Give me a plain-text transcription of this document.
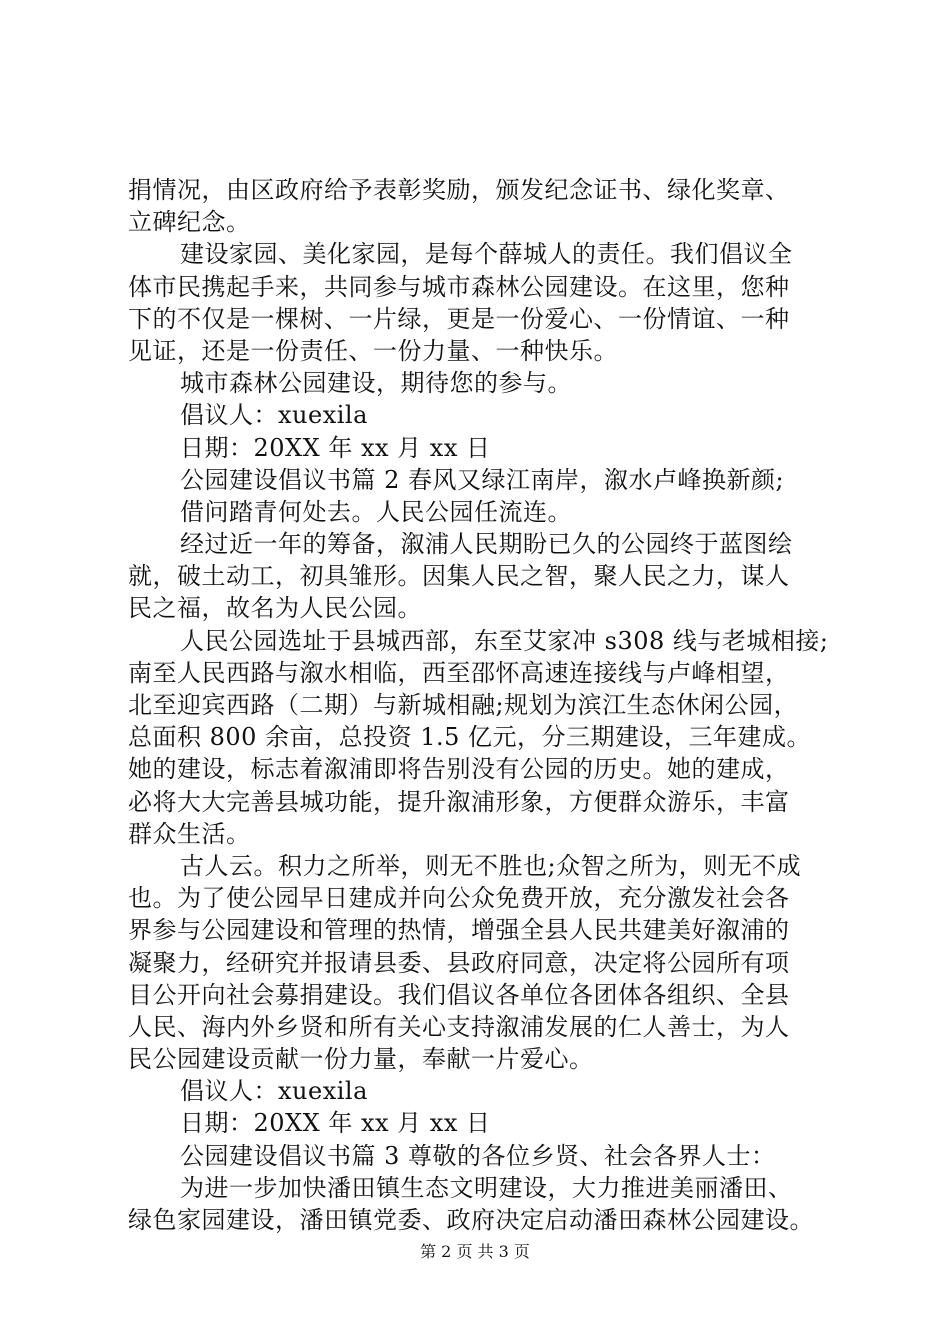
捐情况，由区政府给予表彰奖励，颁发纪念证书、绿化奖章、
立碑纪念。
建设家园、美化家园，是每个薛城人的责任。我们倡议全
体市民携起手来，共同参与城市森林公园建设。在这里，您种
下的不仅是一棵树、一片绿，更是一份爱心、一份情谊、一种
见证，还是一份责任、一份力量、一种快乐。
城市森林公园建设，期待您的参与。
倡议人：xuexila
日期：20XX 年 xx 月 xx 日
公园建设倡议书篇 2 春风又绿江南岸，溆水卢峰换新颜;
借问踏青何处去。人民公园任流连。
经过近一年的筹备，溆浦人民期盼已久的公园终于蓝图绘
就，破土动工，初具雏形。因集人民之智，聚人民之力，谋人
民之福，故名为人民公园。
人民公园选址于县城西部，东至艾家冲 s308 线与老城相接;
南至人民西路与溆水相临，西至邵怀高速连接线与卢峰相望，
北至迎宾西路（二期）与新城相融;规划为滨江生态休闲公园，
总面积 800 余亩，总投资 1.5 亿元，分三期建设，三年建成。
她的建设，标志着溆浦即将告别没有公园的历史。她的建成，
必将大大完善县城功能，提升溆浦形象，方便群众游乐，丰富
群众生活。
古人云。积力之所举，则无不胜也;众智之所为，则无不成
也。为了使公园早日建成并向公众免费开放，充分激发社会各
界参与公园建设和管理的热情，增强全县人民共建美好溆浦的
凝聚力，经研究并报请县委、县政府同意，决定将公园所有项
目公开向社会募捐建设。我们倡议各单位各团体各组织、全县
人民、海内外乡贤和所有关心支持溆浦发展的仁人善士，为人
民公园建设贡献一份力量，奉献一片爱心。
倡议人：xuexila
日期：20XX 年 xx 月 xx 日
公园建设倡议书篇 3 尊敬的各位乡贤、社会各界人士：
为进一步加快潘田镇生态文明建设，大力推进美丽潘田、
绿色家园建设，潘田镇党委、政府决定启动潘田森林公园建设。
第 2 页 共 3 页
